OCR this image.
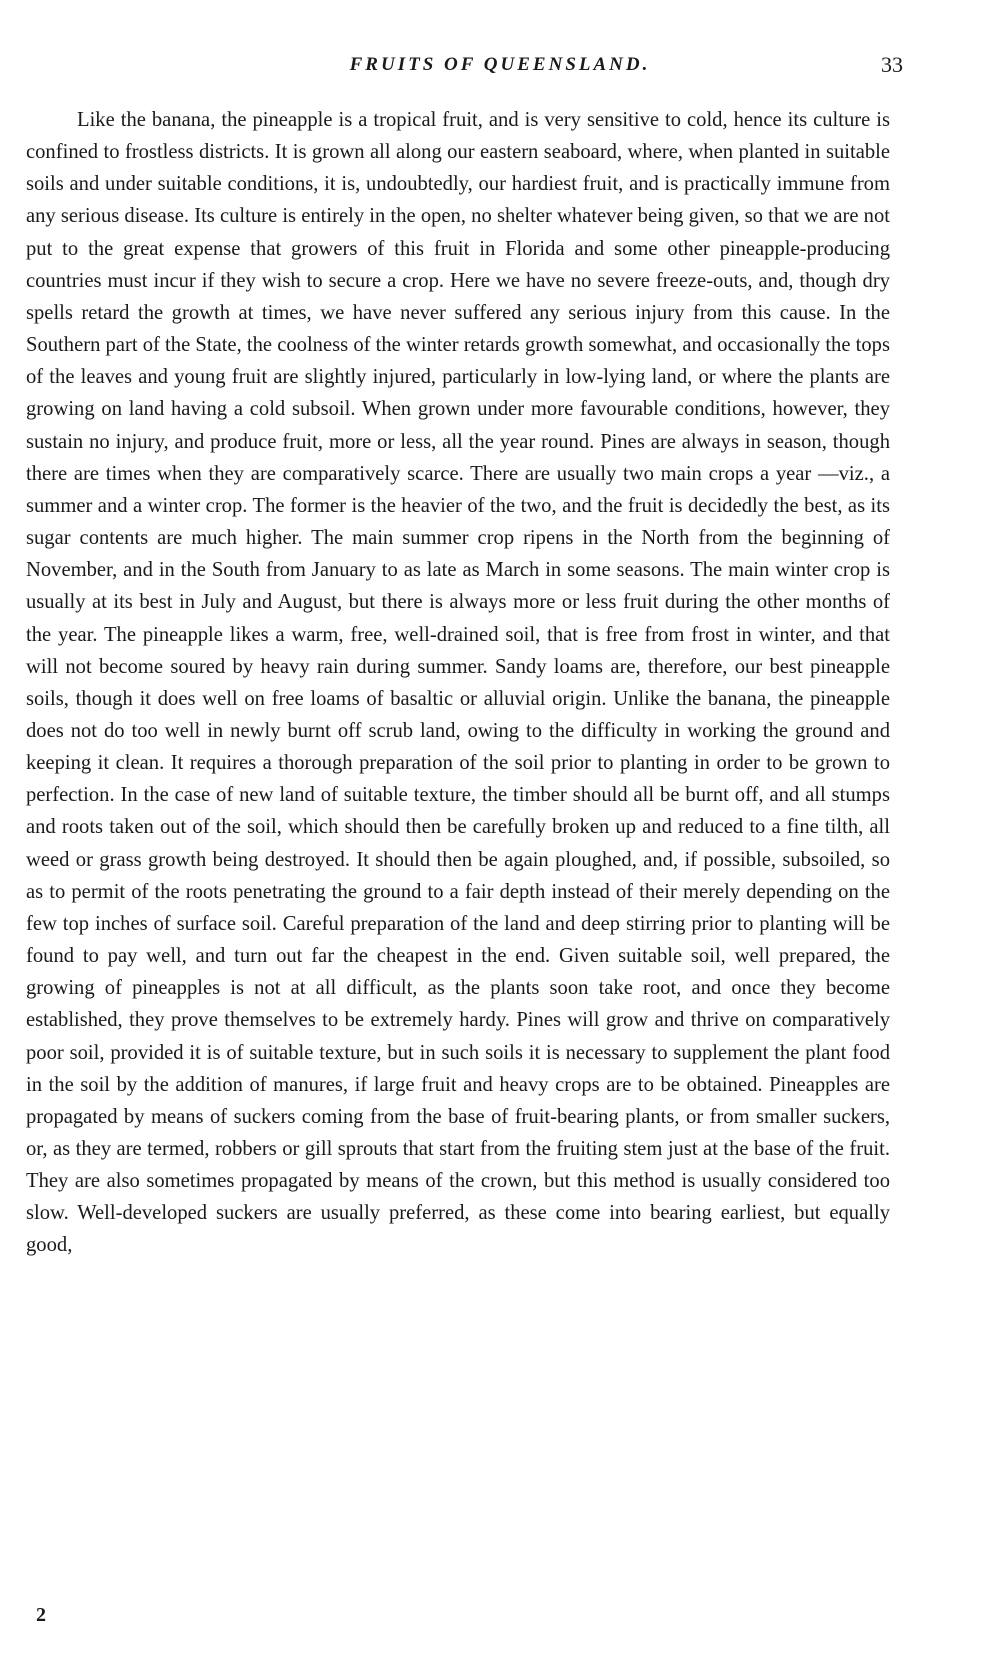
FRUITS OF QUEENSLAND.	33

Like the banana, the pineapple is a tropical fruit, and is very sensitive to cold, hence its culture is confined to frostless districts. It is grown all along our eastern seaboard, where, when planted in suitable soils and under suitable conditions, it is, undoubtedly, our hardiest fruit, and is practically immune from any serious disease. Its culture is entirely in the open, no shelter whatever being given, so that we are not put to the great expense that growers of this fruit in Florida and some other pineapple-producing countries must incur if they wish to secure a crop. Here we have no severe freeze-outs, and, though dry spells retard the growth at times, we have never suffered any serious injury from this cause. In the Southern part of the State, the coolness of the winter retards growth somewhat, and occasionally the tops of the leaves and young fruit are slightly injured, particularly in low-lying land, or where the plants are growing on land having a cold subsoil. When grown under more favourable conditions, however, they sustain no injury, and produce fruit, more or less, all the year round. Pines are always in season, though there are times when they are comparatively scarce. There are usually two main crops a year —viz., a summer and a winter crop. The former is the heavier of the two, and the fruit is decidedly the best, as its sugar contents are much higher. The main summer crop ripens in the North from the beginning of November, and in the South from January to as late as March in some seasons. The main winter crop is usually at its best in July and August, but there is always more or less fruit during the other months of the year. The pineapple likes a warm, free, well-drained soil, that is free from frost in winter, and that will not become soured by heavy rain during summer. Sandy loams are, therefore, our best pineapple soils, though it does well on free loams of basaltic or alluvial origin. Unlike the banana, the pineapple does not do too well in newly burnt off scrub land, owing to the difficulty in working the ground and keeping it clean. It requires a thorough preparation of the soil prior to planting in order to be grown to perfection. In the case of new land of suitable texture, the timber should all be burnt off, and all stumps and roots taken out of the soil, which should then be carefully broken up and reduced to a fine tilth, all weed or grass growth being destroyed. It should then be again ploughed, and, if possible, subsoiled, so as to permit of the roots penetrating the ground to a fair depth instead of their merely depending on the few top inches of surface soil. Careful preparation of the land and deep stirring prior to planting will be found to pay well, and turn out far the cheapest in the end. Given suitable soil, well prepared, the growing of pineapples is not at all difficult, as the plants soon take root, and once they become established, they prove themselves to be extremely hardy. Pines will grow and thrive on comparatively poor soil, provided it is of suitable texture, but in such soils it is necessary to supplement the plant food in the soil by the addition of manures, if large fruit and heavy crops are to be obtained. Pineapples are propagated by means of suckers coming from the base of fruit-bearing plants, or from smaller suckers, or, as they are termed, robbers or gill sprouts that start from the fruiting stem just at the base of the fruit. They are also sometimes propagated by means of the crown, but this method is usually considered too slow. Well-developed suckers are usually preferred, as these come into bearing earliest, but equally good,

2
